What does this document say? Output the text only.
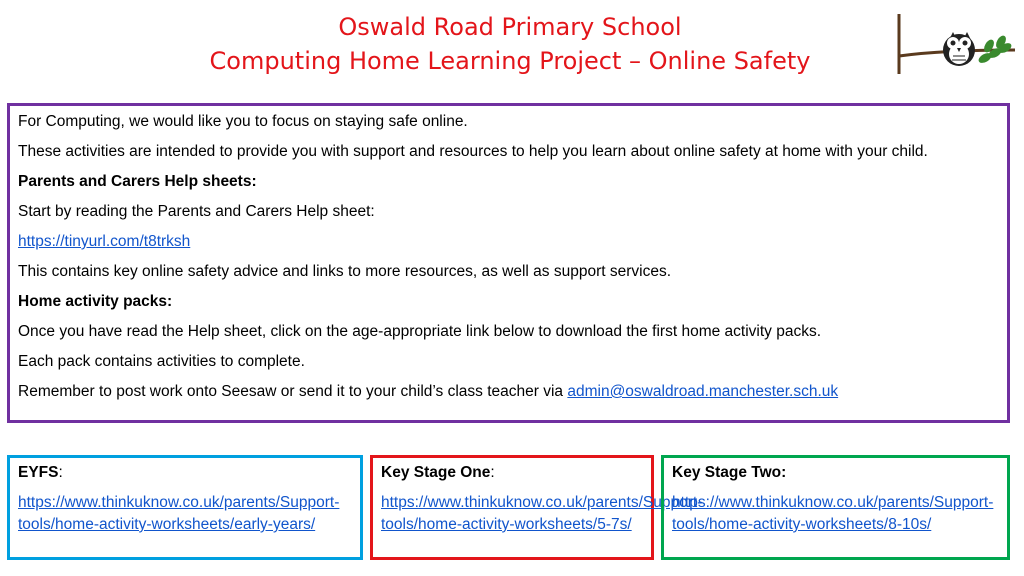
Oswald Road Primary School
Computing Home Learning Project – Online Safety

For Computing, we would like you to focus on staying safe online.

These activities are intended to provide you with support and resources to help you learn about online safety at home with your child.

Parents and Carers Help sheets:

Start by reading the Parents and Carers Help sheet:

https://tinyurl.com/t8trksh

This contains key online safety advice and links to more resources, as well as support services.

Home activity packs:

Once you have read the Help sheet, click on the age-appropriate link below to download the first home activity packs.

Each pack contains activities to complete.

Remember to post work onto Seesaw or send it to your child’s class teacher via admin@oswaldroad.manchester.sch.uk

EYFS:

https://www.thinkuknow.co.uk/parents/Support-tools/home-activity-worksheets/early-years/

Key Stage One:

https://www.thinkuknow.co.uk/parents/Support-tools/home-activity-worksheets/5-7s/

Key Stage Two:

https://www.thinkuknow.co.uk/parents/Support-tools/home-activity-worksheets/8-10s/
